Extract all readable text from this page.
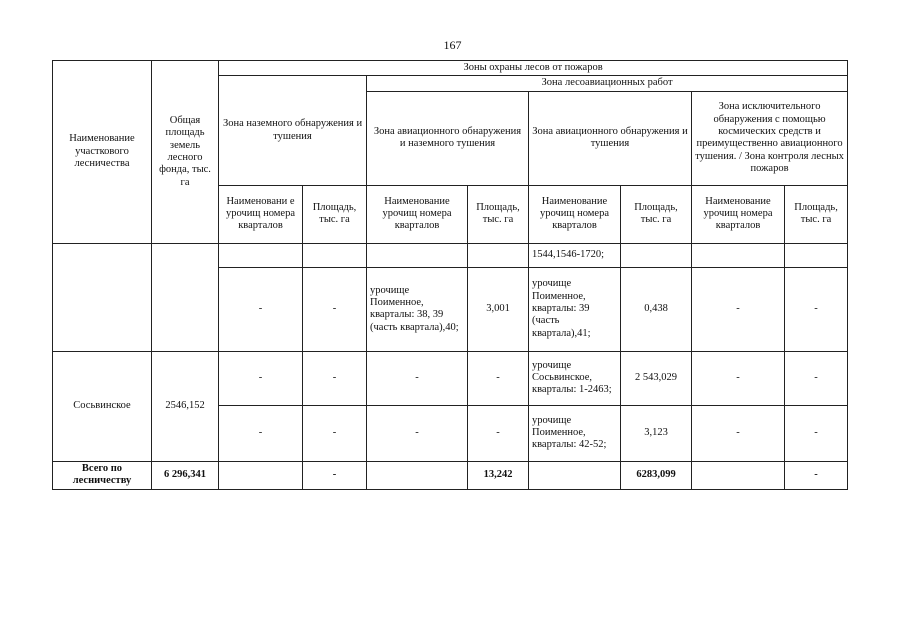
167
Наименование участкового лесничества	Общая площадь земель лесного фонда, тыс. га	Зоны охраны лесов от пожаров							
		Зона наземного обнаружения и тушения		Зона лесоавиационных работ					
				Зона авиационного обнаружения и наземного тушения		Зона авиационного обнаружения и тушения		Зона исключительного обнаружения с помощью космических средств и преимущественно авиационного тушения. / Зона контроля лесных пожаров	
		Наименовани е урочищ номера кварталов	Площадь, тыс. га	Наименование урочищ номера кварталов	Площадь, тыс. га	Наименование урочищ номера кварталов	Площадь, тыс. га	Наименование урочищ номера кварталов	Площадь, тыс. га
						1544,1546-1720;			
		-	-	урочище Поименное, кварталы: 38, 39 (часть квартала),40;	3,001	урочище Поименное, кварталы: 39 (часть квартала),41;	0,438	-	-
Сосьвинское	2546,152	-	-	-	-	урочище Сосьвинское, кварталы: 1-2463;	2 543,029	-	-
		-	-	-	-	урочище Поименное, кварталы: 42-52;	3,123	-	-
Всего по лесничеству	6 296,341		-		13,242		6283,099		-
